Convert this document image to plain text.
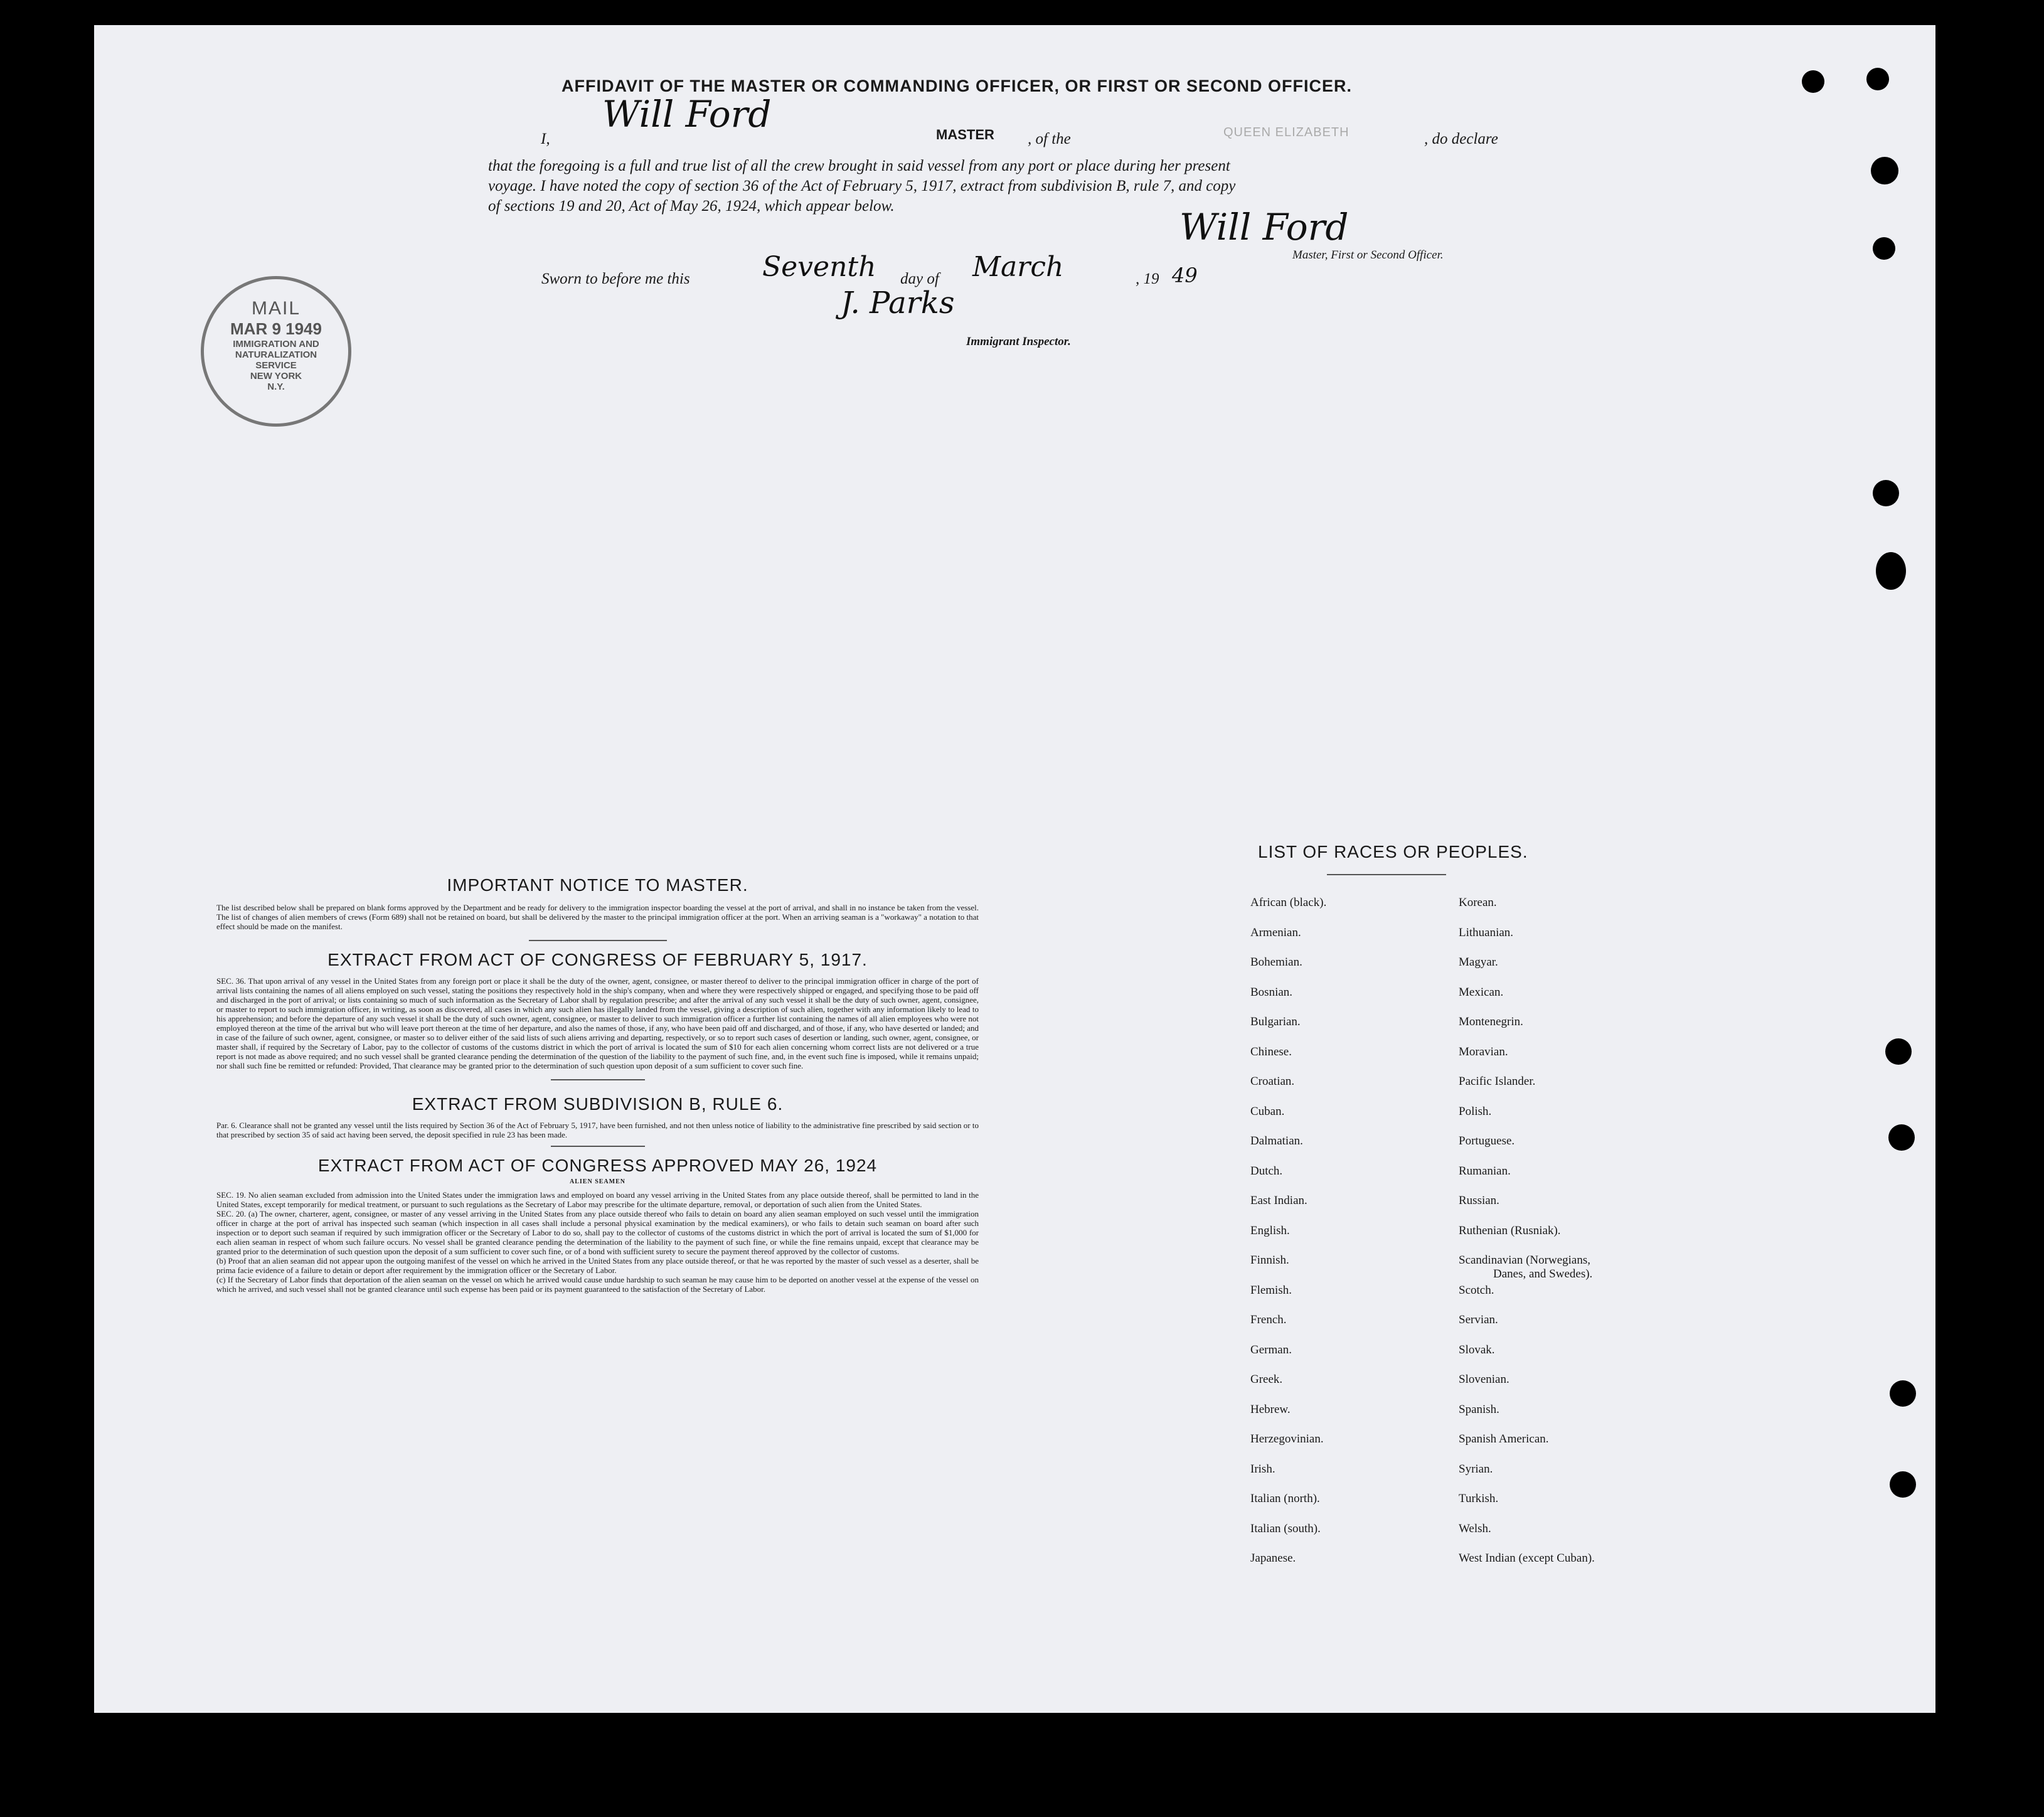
AFFIDAVIT OF THE MASTER OR COMMANDING OFFICER, OR FIRST OR SECOND OFFICER.
I,
Will Ford	MASTER , of the	QUEEN ELIZABETH	, do declare
that the foregoing is a full and true list of all the crew brought in said vessel from any port or place during her present
voyage. I have noted the copy of section 36 of the Act of February 5, 1917, extract from subdivision B, rule 7, and copy
of sections 19 and 20, Act of May 26, 1924, which appear below.
Sworn to before me this	Seventh day of March	, 19 49
Will Ford
Master, First or Second Officer.
J. Parks
Immigrant Inspector.
MAIL
MAR 9 1949
IMMIGRATION AND
NATURALIZATION
SERVICE
NEW YORK
N.Y.
IMPORTANT NOTICE TO MASTER.
The list described below shall be prepared on blank forms approved by the Department and be ready for delivery to the immigration inspector boarding the vessel at the port of arrival, and shall in no instance be taken from the vessel. The list of changes of alien members of crews (Form 689) shall not be retained on board, but shall be delivered by the master to the principal immigration officer at the port. When an arriving seaman is a "workaway" a notation to that effect should be made on the manifest.
EXTRACT FROM ACT OF CONGRESS OF FEBRUARY 5, 1917.
SEC. 36. That upon arrival of any vessel in the United States from any foreign port or place it shall be the duty of the owner, agent, consignee, or master thereof to deliver to the principal immigration officer in charge of the port of arrival lists containing the names of all aliens employed on such vessel, stating the positions they respectively hold in the ship's company, when and where they were respectively shipped or engaged, and specifying those to be paid off and discharged in the port of arrival; or lists containing so much of such information as the Secretary of Labor shall by regulation prescribe; and after the arrival of any such vessel it shall be the duty of such owner, agent, consignee, or master to report to such immigration officer, in writing, as soon as discovered, all cases in which any such alien has illegally landed from the vessel, giving a description of such alien, together with any information likely to lead to his apprehension; and before the departure of any such vessel it shall be the duty of such owner, agent, consignee, or master to deliver to such immigration officer a further list containing the names of all alien employees who were not employed thereon at the time of the arrival but who will leave port thereon at the time of her departure, and also the names of those, if any, who have been paid off and discharged, and of those, if any, who have deserted or landed; and in case of the failure of such owner, agent, consignee, or master so to deliver either of the said lists of such aliens arriving and departing, respectively, or so to report such cases of desertion or landing, such owner, agent, consignee, or master shall, if required by the Secretary of Labor, pay to the collector of customs of the customs district in which the port of arrival is located the sum of $10 for each alien concerning whom correct lists are not delivered or a true report is not made as above required; and no such vessel shall be granted clearance pending the determination of the question of the liability to the payment of such fine, and, in the event such fine is imposed, while it remains unpaid; nor shall such fine be remitted or refunded: Provided, That clearance may be granted prior to the determination of such question upon deposit of a sum sufficient to cover such fine.
EXTRACT FROM SUBDIVISION B, RULE 6.
Par. 6. Clearance shall not be granted any vessel until the lists required by Section 36 of the Act of February 5, 1917, have been furnished, and not then unless notice of liability to the administrative fine prescribed by said section or to that prescribed by section 35 of said act having been served, the deposit specified in rule 23 has been made.
EXTRACT FROM ACT OF CONGRESS APPROVED MAY 26, 1924
ALIEN SEAMEN
SEC. 19. No alien seaman excluded from admission into the United States under the immigration laws and employed on board any vessel arriving in the United States from any place outside thereof, shall be permitted to land in the United States, except temporarily for medical treatment, or pursuant to such regulations as the Secretary of Labor may prescribe for the ultimate departure, removal, or deportation of such alien from the United States.
SEC. 20. (a) The owner, charterer, agent, consignee, or master of any vessel arriving in the United States from any place outside thereof who fails to detain on board any alien seaman employed on such vessel until the immigration officer in charge at the port of arrival has inspected such seaman (which inspection in all cases shall include a personal physical examination by the medical examiners), or who fails to detain such seaman on board after such inspection or to deport such seaman if required by such immigration officer or the Secretary of Labor to do so, shall pay to the collector of customs of the customs district in which the port of arrival is located the sum of $1,000 for each alien seaman in respect of whom such failure occurs. No vessel shall be granted clearance pending the determination of the liability to the payment of such fine, or while the fine remains unpaid, except that clearance may be granted prior to the determination of such question upon the deposit of a sum sufficient to cover such fine, or of a bond with sufficient surety to secure the payment thereof approved by the collector of customs.
(b) Proof that an alien seaman did not appear upon the outgoing manifest of the vessel on which he arrived in the United States from any place outside thereof, or that he was reported by the master of such vessel as a deserter, shall be prima facie evidence of a failure to detain or deport after requirement by the immigration officer or the Secretary of Labor.
(c) If the Secretary of Labor finds that deportation of the alien seaman on the vessel on which he arrived would cause undue hardship to such seaman he may cause him to be deported on another vessel at the expense of the vessel on which he arrived, and such vessel shall not be granted clearance until such expense has been paid or its payment guaranteed to the satisfaction of the Secretary of Labor.
LIST OF RACES OR PEOPLES.
African (black).
Armenian.
Bohemian.
Bosnian.
Bulgarian.
Chinese.
Croatian.
Cuban.
Dalmatian.
Dutch.
East Indian.
English.
Finnish.
Flemish.
French.
German.
Greek.
Hebrew.
Herzegovinian.
Irish.
Italian (north).
Italian (south).
Japanese.
Korean.
Lithuanian.
Magyar.
Mexican.
Montenegrin.
Moravian.
Pacific Islander.
Polish.
Portuguese.
Rumanian.
Russian.
Ruthenian (Rusniak).
Scandinavian (Norwegians,
Danes, and Swedes).
Scotch.
Servian.
Slovak.
Slovenian.
Spanish.
Spanish American.
Syrian.
Turkish.
Welsh.
West Indian (except Cuban).
